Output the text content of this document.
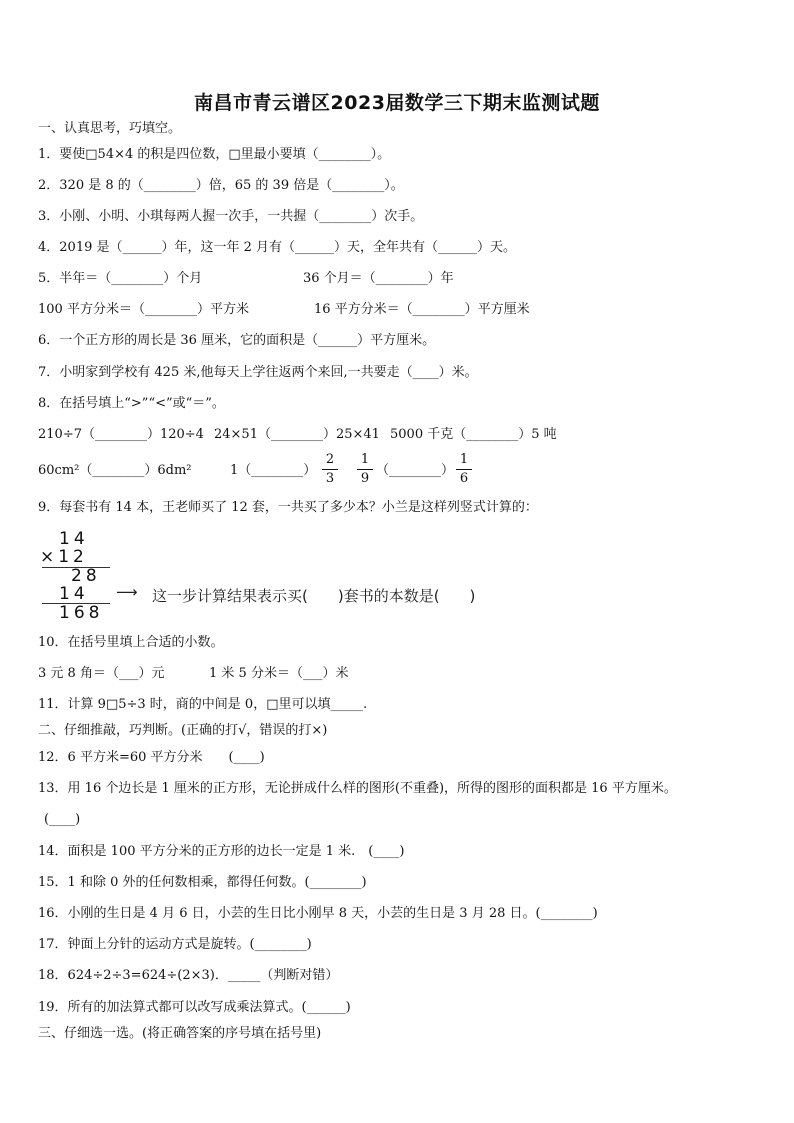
南昌市青云谱区2023届数学三下期末监测试题
一、认真思考，巧填空。
1．要使□54×4 的积是四位数，□里最小要填（________）。
2．320 是 8 的（________）倍，65 的 39 倍是（________）。
3．小刚、小明、小琪每两人握一次手，一共握（________）次手。
4．2019 是（______）年，这一年 2 月有（______）天，全年共有（______）天。
5．半年＝（________）个月	36 个月＝（________）年
100 平方分米＝（________）平方米	16 平方分米＝（________）平方厘米
6．一个正方形的周长是 36 厘米，它的面积是（______）平方厘米。
7．小明家到学校有 425 米,他每天上学往返两个来回,一共要走（____）米。
8．在括号填上“>”“<”或“＝”。
210÷7（________）120÷4 24×51（________）25×41 5000 千克（________）5 吨
60cm²（________）6dm²	1（________）
2
3
1
9
（________）
1
6
9．每套书有 14 本，王老师买了 12 套，一共买了多少本？小兰是这样列竖式计算的：
14
×12
28
14
168
⟶ 这一步计算结果表示买(　　)套书的本数是(　　)
10．在括号里填上合适的小数。
3 元 8 角＝（___）元	1 米 5 分米＝（___）米
11．计算 9□5÷3 时，商的中间是 0，□里可以填_____.
二、仔细推敲，巧判断。(正确的打√，错误的打×)
12．6 平方米=60 平方分米　　(____)
13．用 16 个边长是 1 厘米的正方形，无论拼成什么样的图形(不重叠)，所得的图形的面积都是 16 平方厘米。
(____)
14．面积是 100 平方分米的正方形的边长一定是 1 米.　(____)
15．1 和除 0 外的任何数相乘，都得任何数。(________)
16．小刚的生日是 4 月 6 日，小芸的生日比小刚早 8 天，小芸的生日是 3 月 28 日。(________)
17．钟面上分针的运动方式是旋转。(________)
18．624÷2÷3=624÷(2×3)．_____（判断对错）
19．所有的加法算式都可以改写成乘法算式。(______)
三、仔细选一选。(将正确答案的序号填在括号里)
